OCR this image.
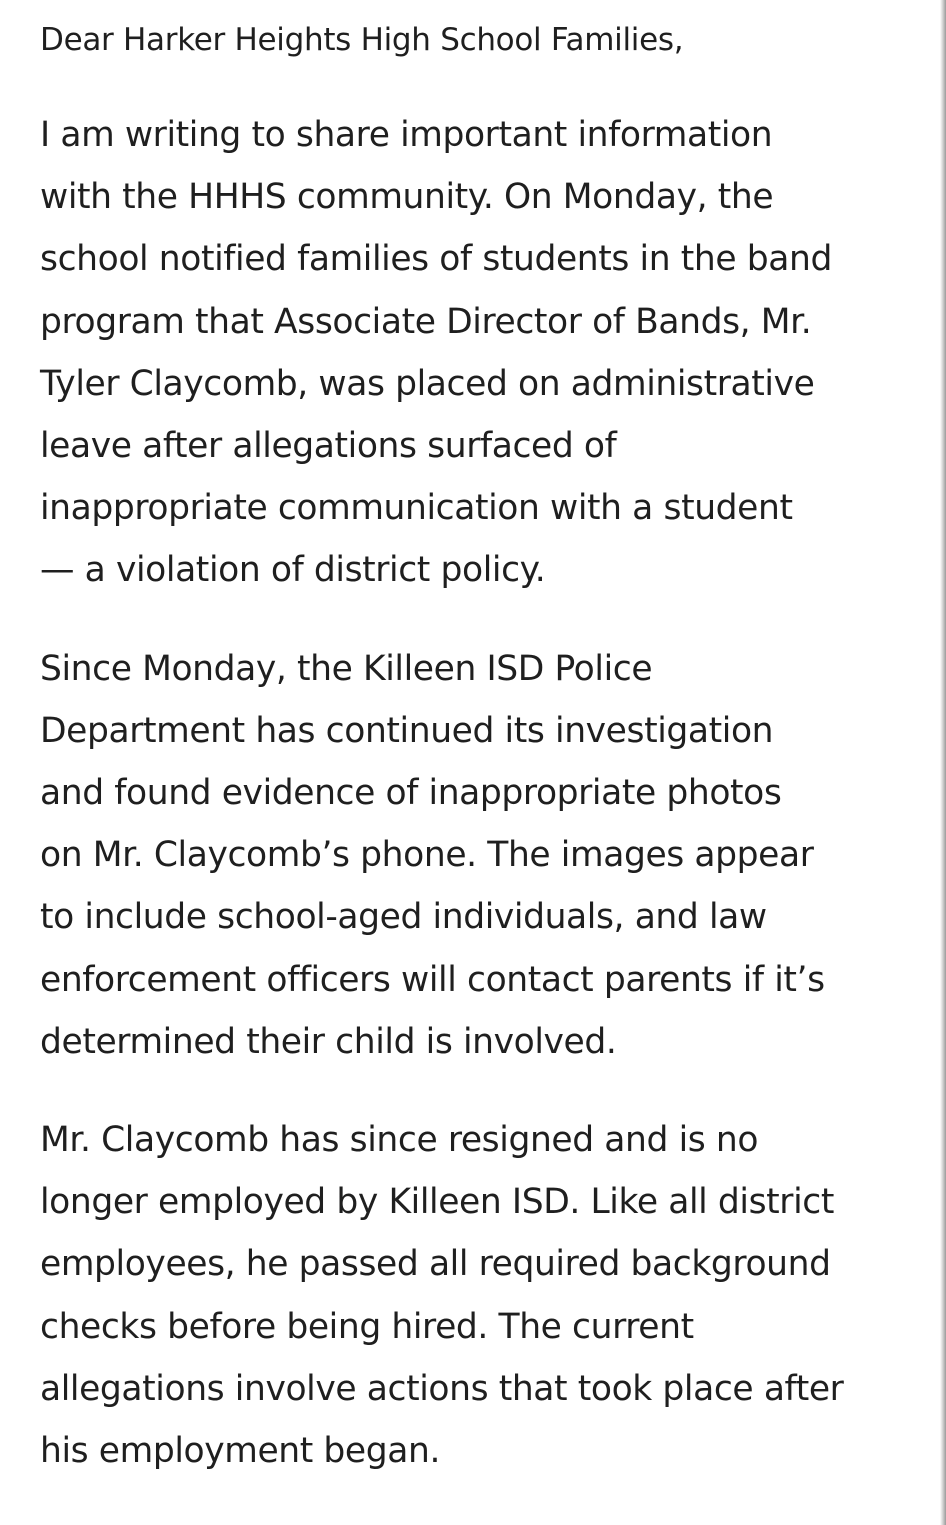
Dear Harker Heights High School Families,
I am writing to share important information
with the HHHS community. On Monday, the
school notified families of students in the band
program that Associate Director of Bands, Mr.
Tyler Claycomb, was placed on administrative
leave after allegations surfaced of
inappropriate communication with a student
— a violation of district policy.
Since Monday, the Killeen ISD Police
Department has continued its investigation
and found evidence of inappropriate photos
on Mr. Claycomb’s phone. The images appear
to include school-aged individuals, and law
enforcement officers will contact parents if it’s
determined their child is involved.
Mr. Claycomb has since resigned and is no
longer employed by Killeen ISD. Like all district
employees, he passed all required background
checks before being hired. The current
allegations involve actions that took place after
his employment began.
